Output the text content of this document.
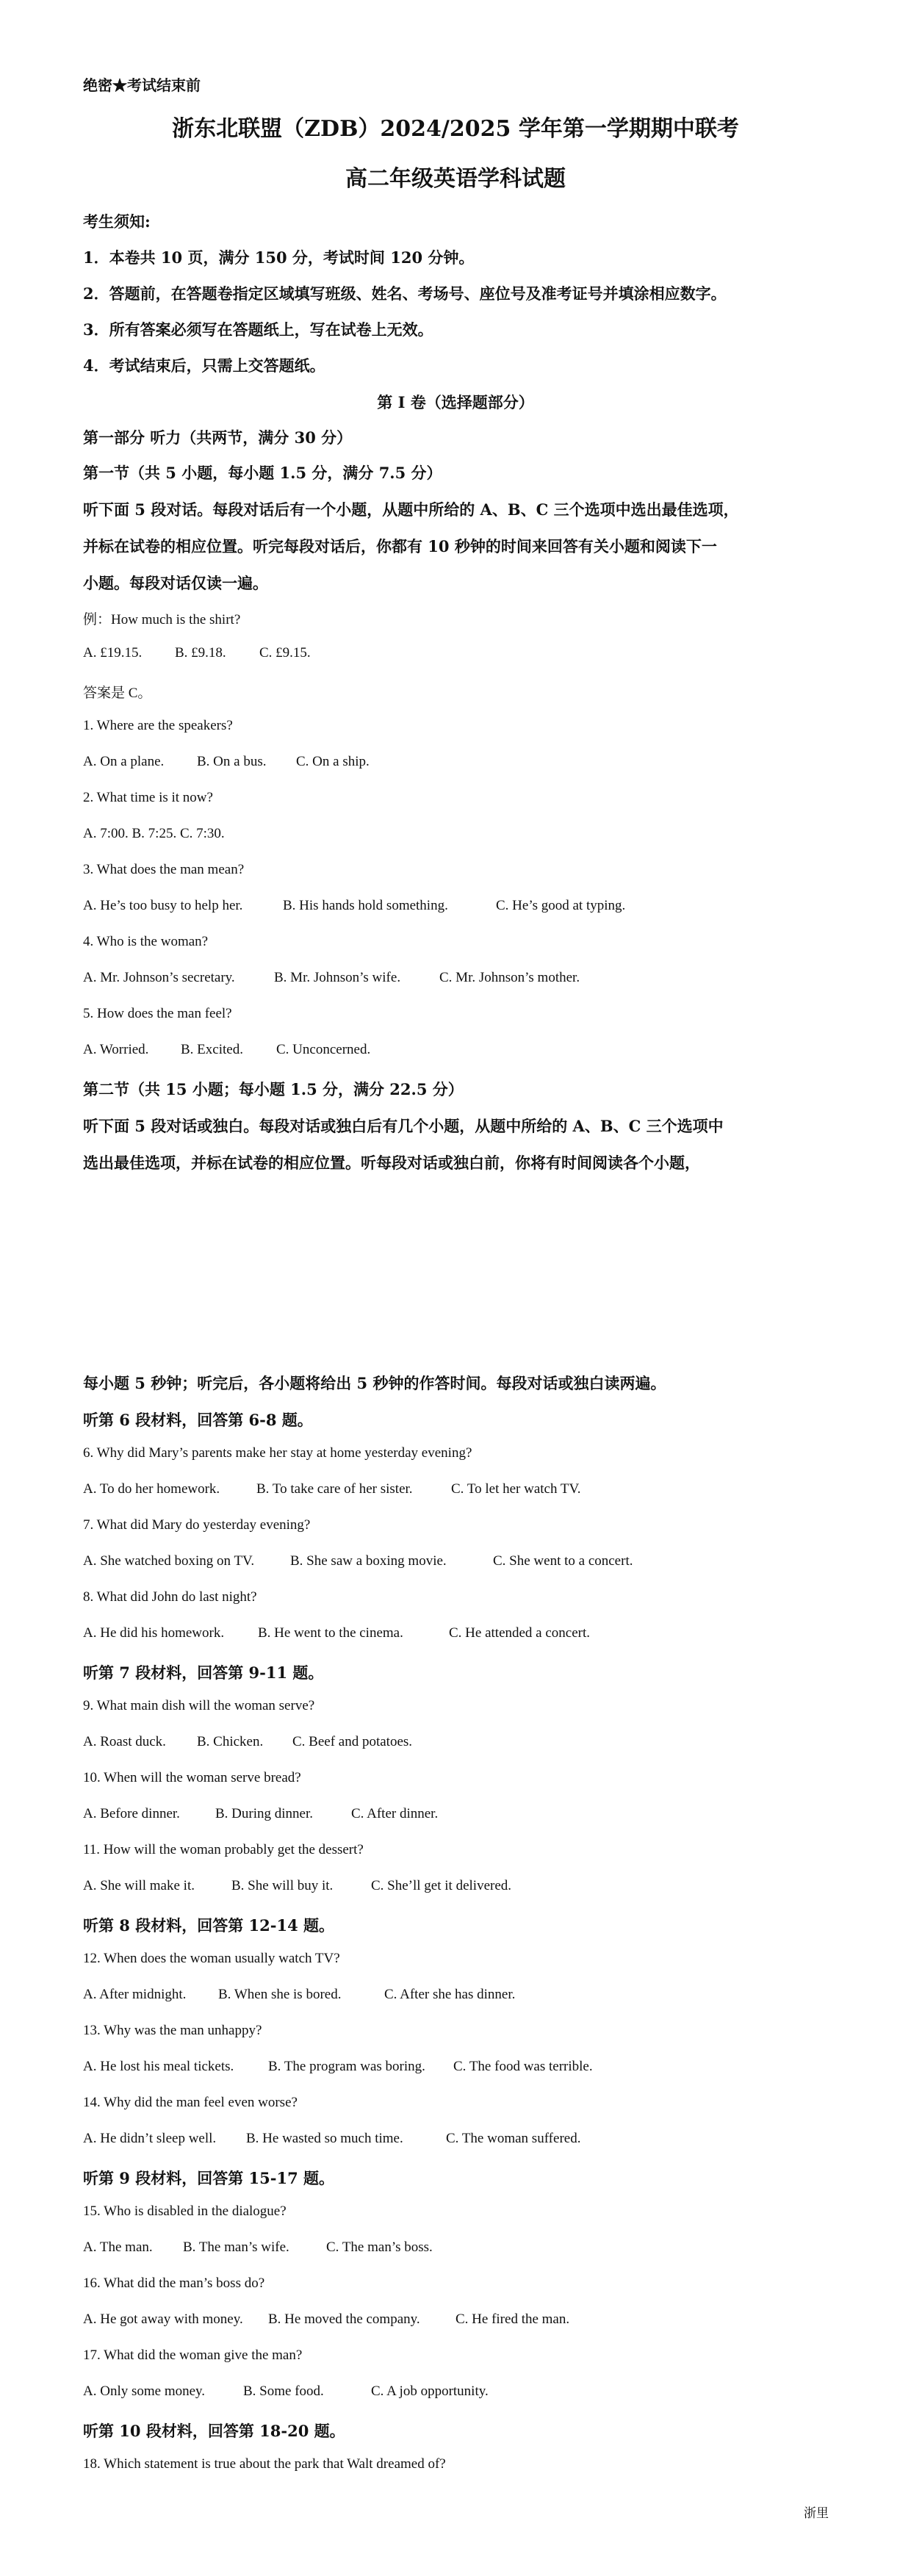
绝密★考试结束前
浙东北联盟（ZDB）2024/2025 学年第一学期期中联考
高二年级英语学科试题
考生须知:
1．本卷共 10 页，满分 150 分，考试时间 120 分钟。
2．答题前，在答题卷指定区域填写班级、姓名、考场号、座位号及准考证号并填涂相应数字。
3．所有答案必须写在答题纸上，写在试卷上无效。
4．考试结束后，只需上交答题纸。
第 I 卷（选择题部分）
第一部分 听力（共两节，满分 30 分）
第一节（共 5 小题，每小题 1.5 分，满分 7.5 分）
听下面 5 段对话。每段对话后有一个小题，从题中所给的 A、B、C 三个选项中选出最佳选项，
并标在试卷的相应位置。听完每段对话后，你都有 10 秒钟的时间来回答有关小题和阅读下一
小题。每段对话仅读一遍。
例：How much is the shirt?
A. £19.15. B. £9.18. C. £9.15.
答案是 C。
1. Where are the speakers?
A. On a plane. B. On a bus. C. On a ship.
2. What time is it now?
A. 7:00. B. 7:25. C. 7:30.
3. What does the man mean?
A. He’s too busy to help her.	B. His hands hold something.	C. He’s good at typing.
4. Who is the woman?
A. Mr. Johnson’s secretary.	B. Mr. Johnson’s wife.	C. Mr. Johnson’s mother.
5. How does the man feel?
A. Worried. B. Excited. C. Unconcerned.
第二节（共 15 小题；每小题 1.5 分，满分 22.5 分）
听下面 5 段对话或独白。每段对话或独白后有几个小题，从题中所给的 A、B、C 三个选项中
选出最佳选项，并标在试卷的相应位置。听每段对话或独白前，你将有时间阅读各个小题，
每小题 5 秒钟；听完后，各小题将给出 5 秒钟的作答时间。每段对话或独白读两遍。
听第 6 段材料，回答第 6-8 题。
6. Why did Mary’s parents make her stay at home yesterday evening?
A. To do her homework.	B. To take care of her sister.	C. To let her watch TV.
7. What did Mary do yesterday evening?
A. She watched boxing on TV.	B. She saw a boxing movie.	C. She went to a concert.
8. What did John do last night?
A. He did his homework. B. He went to the cinema.	C. He attended a concert.
听第 7 段材料，回答第 9-11 题。
9. What main dish will the woman serve?
A. Roast duck. B. Chicken. C. Beef and potatoes.
10. When will the woman serve bread?
A. Before dinner.	B. During dinner.	C. After dinner.
11. How will the woman probably get the dessert?
A. She will make it.	B. She will buy it.	C. She’ll get it delivered.
听第 8 段材料，回答第 12-14 题。
12. When does the woman usually watch TV?
A. After midnight. B. When she is bored.	C. After she has dinner.
13. Why was the man unhappy?
A. He lost his meal tickets. B. The program was boring. C. The food was terrible.
14. Why did the man feel even worse?
A. He didn’t sleep well. B. He wasted so much time.	C. The woman suffered.
听第 9 段材料，回答第 15-17 题。
15. Who is disabled in the dialogue?
A. The man. B. The man’s wife.	C. The man’s boss.
16. What did the man’s boss do?
A. He got away with money. B. He moved the company.	C. He fired the man.
17. What did the woman give the man?
A. Only some money.	B. Some food.	C. A job opportunity.
听第 10 段材料，回答第 18-20 题。
18. Which statement is true about the park that Walt dreamed of?
浙里
